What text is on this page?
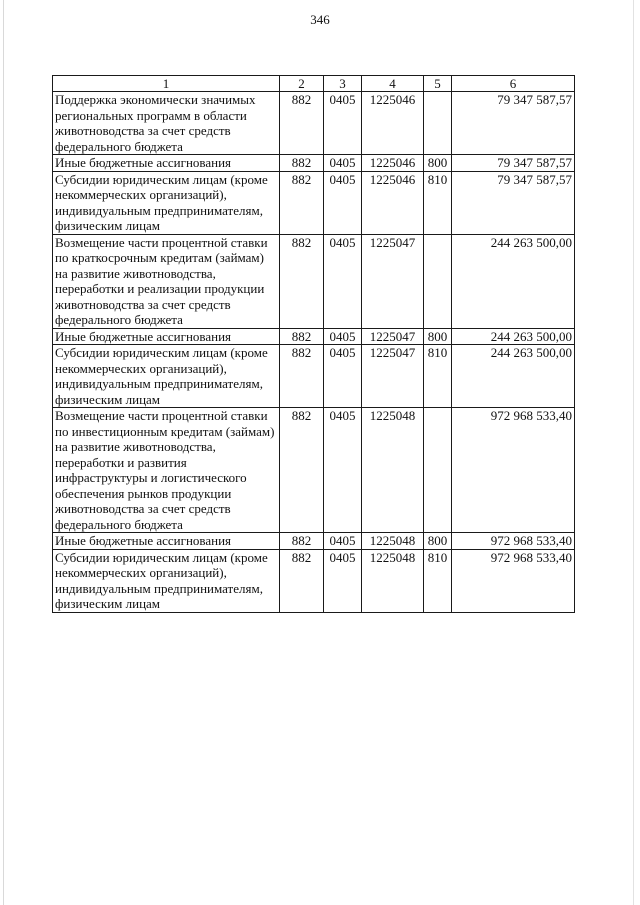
346
1	2	3	4	5	6
Поддержка экономически значимых региональных программ в области животноводства за счет средств федерального бюджета	882	0405	1225046		79 347 587,57
Иные бюджетные ассигнования	882	0405	1225046	800	79 347 587,57
Субсидии юридическим лицам (кроме некоммерческих организаций), индивидуальным предпринимателям, физическим лицам	882	0405	1225046	810	79 347 587,57
Возмещение части процентной ставки по краткосрочным кредитам (займам) на развитие животноводства, переработки и реализации продукции животноводства за счет средств федерального бюджета	882	0405	1225047		244 263 500,00
Иные бюджетные ассигнования	882	0405	1225047	800	244 263 500,00
Субсидии юридическим лицам (кроме некоммерческих организаций), индивидуальным предпринимателям, физическим лицам	882	0405	1225047	810	244 263 500,00
Возмещение части процентной ставки по инвестиционным кредитам (займам) на развитие животноводства, переработки и развития инфраструктуры и логистического обеспечения рынков продукции животноводства за счет средств федерального бюджета	882	0405	1225048		972 968 533,40
Иные бюджетные ассигнования	882	0405	1225048	800	972 968 533,40
Субсидии юридическим лицам (кроме некоммерческих организаций), индивидуальным предпринимателям, физическим лицам	882	0405	1225048	810	972 968 533,40
